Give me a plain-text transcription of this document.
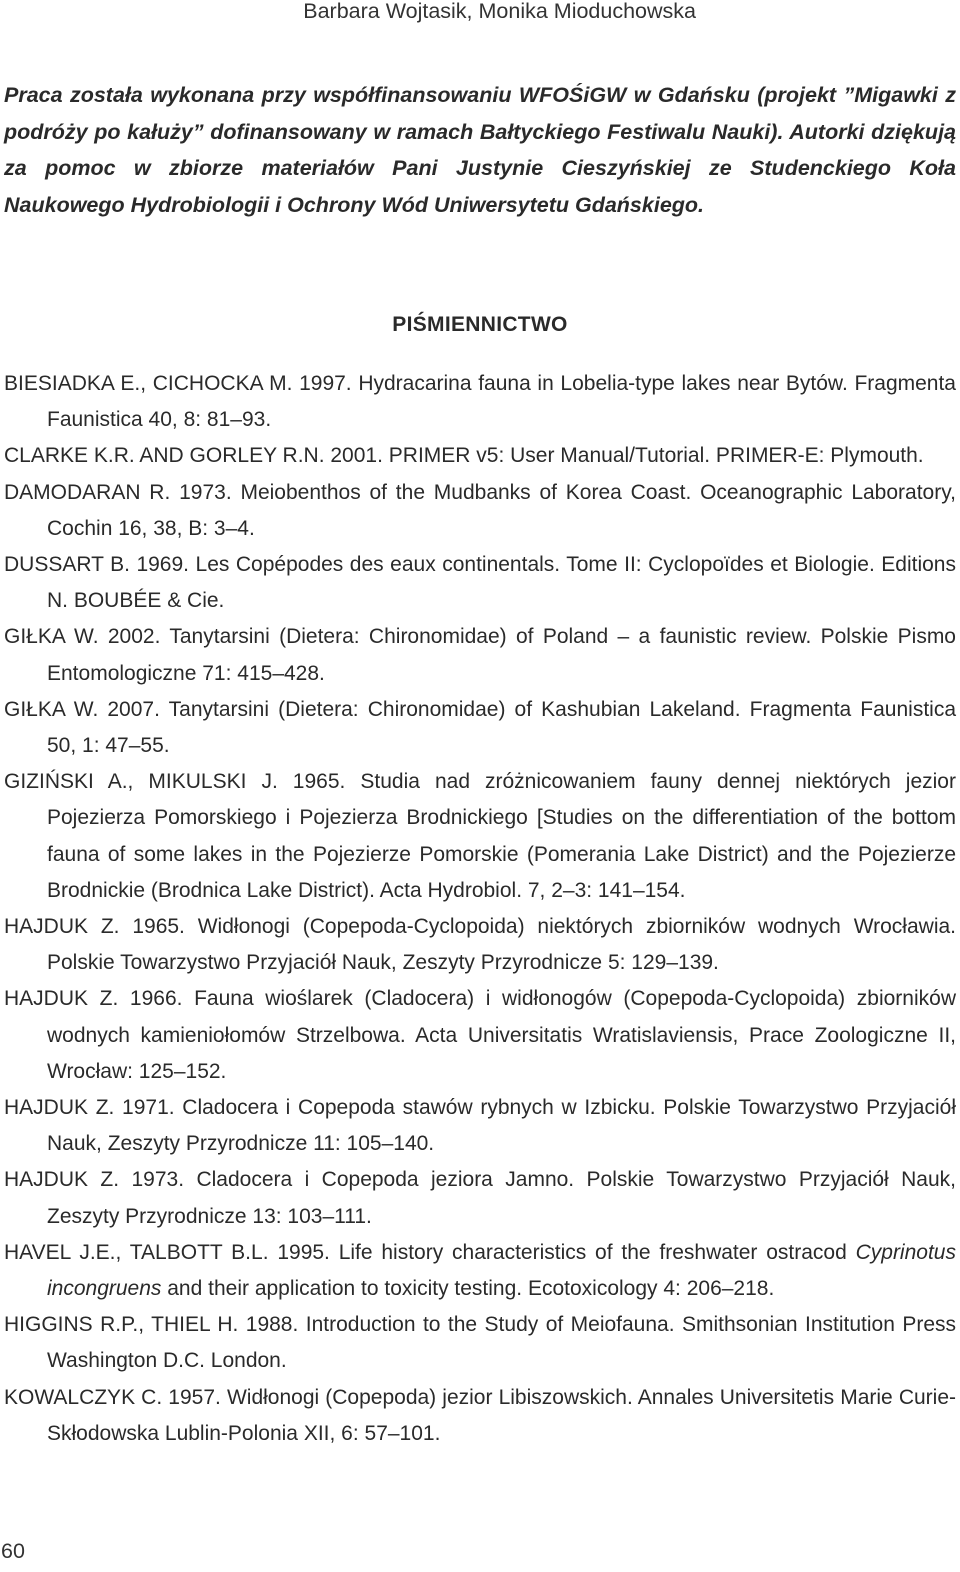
Barbara Wojtasik, Monika Mioduchowska
Praca została wykonana przy współfinansowaniu WFOŚiGW w Gdańsku (projekt ”Migawki z podróży po kałuży” dofinansowany w ramach Bałtyckiego Festiwalu Nauki). Autorki dziękują za pomoc w zbiorze materiałów Pani Justynie Cieszyńskiej ze Studenckiego Koła Naukowego Hydrobiologii i Ochrony Wód Uniwersytetu Gdańskiego.
PIŚMIENNICTWO
BIESIADKA E., CICHOCKA M. 1997. Hydracarina fauna in Lobelia-type lakes near Bytów. Fragmenta Faunistica 40, 8: 81–93.
CLARKE K.R. AND GORLEY R.N. 2001. PRIMER v5: User Manual/Tutorial. PRIMER-E: Plymouth.
DAMODARAN R. 1973. Meiobenthos of the Mudbanks of Korea Coast. Oceanographic Laboratory, Cochin 16, 38, B: 3–4.
DUSSART B. 1969. Les Copépodes des eaux continentals. Tome II: Cyclopoïdes et Biologie. Editions N. BOUBÉE & Cie.
GIŁKA W. 2002. Tanytarsini (Dietera: Chironomidae) of Poland – a faunistic review. Polskie Pismo Entomologiczne 71: 415–428.
GIŁKA W. 2007. Tanytarsini (Dietera: Chironomidae) of Kashubian Lakeland. Fragmenta Faunistica 50, 1: 47–55.
GIZIŃSKI A., MIKULSKI J. 1965. Studia nad zróżnicowaniem fauny dennej niektórych jezior Pojezierza Pomorskiego i Pojezierza Brodnickiego [Studies on the differentiation of the bottom fauna of some lakes in the Pojezierze Pomorskie (Pomerania Lake District) and the Pojezierze Brodnickie (Brodnica Lake District). Acta Hydrobiol. 7, 2–3: 141–154.
HAJDUK Z. 1965. Widłonogi (Copepoda-Cyclopoida) niektórych zbiorników wodnych Wrocławia. Polskie Towarzystwo Przyjaciół Nauk, Zeszyty Przyrodnicze 5: 129–139.
HAJDUK Z. 1966. Fauna wioślarek (Cladocera) i widłonogów (Copepoda-Cyclopoida) zbiorników wodnych kamieniołomów Strzelbowa. Acta Universitatis Wratislaviensis, Prace Zoologiczne II, Wrocław: 125–152.
HAJDUK Z. 1971. Cladocera i Copepoda stawów rybnych w Izbicku. Polskie Towarzystwo Przyjaciół Nauk, Zeszyty Przyrodnicze 11: 105–140.
HAJDUK Z. 1973. Cladocera i Copepoda jeziora Jamno. Polskie Towarzystwo Przyjaciół Nauk, Zeszyty Przyrodnicze 13: 103–111.
HAVEL J.E., TALBOTT B.L. 1995. Life history characteristics of the freshwater ostracod Cyprinotus incongruens and their application to toxicity testing. Ecotoxicology 4: 206–218.
HIGGINS R.P., THIEL H. 1988. Introduction to the Study of Meiofauna. Smithsonian Institution Press Washington D.C. London.
KOWALCZYK C. 1957. Widłonogi (Copepoda) jezior Libiszowskich. Annales Universitetis Marie Curie-Skłodowska Lublin-Polonia XII, 6: 57–101.
60
